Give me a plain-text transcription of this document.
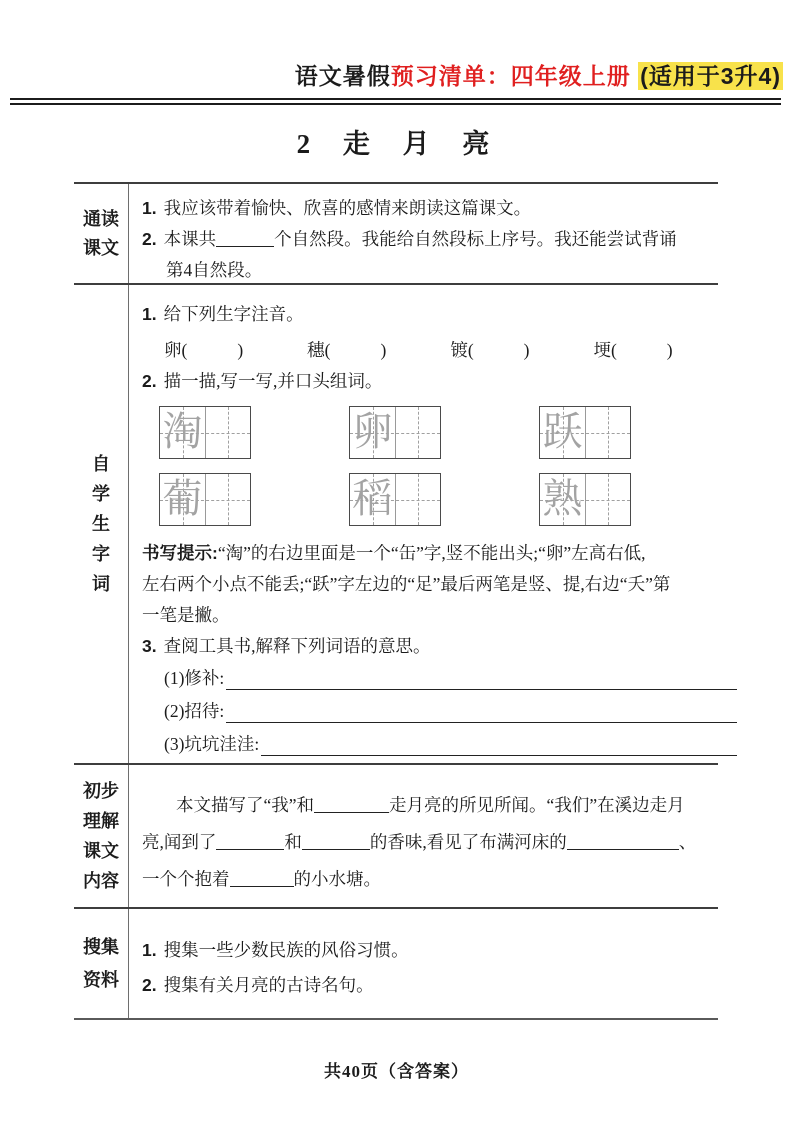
语文暑假预习清单：四年级上册 (适用于3升4)
2 走 月 亮
通读
课文
1. 我应该带着愉快、欣喜的感情来朗读这篇课文。
2. 本课共	个自然段。我能给自然段标上序号。我还能尝试背诵
第4自然段。
自
学
生
字
词
1. 给下列生字注音。
卵(	)	穗(	)	镀(	)	埂(	)
2. 描一描,写一写,并口头组词。
淘	卵	跃
葡	稻	熟
书写提示:“淘”的右边里面是一个“缶”字,竖不能出头;“卵”左高右低,
左右两个小点不能丢;“跃”字左边的“足”最后两笔是竖、提,右边“夭”第
一笔是撇。
3. 查阅工具书,解释下列词语的意思。
(1)修补:
(2)招待:
(3)坑坑洼洼:
初步
理解
课文
内容
本文描写了“我”和	走月亮的所见所闻。“我们”在溪边走月
亮,闻到了	和	的香味,看见了布满河床的	、
一个个抱着	的小水塘。
搜集
资料
1. 搜集一些少数民族的风俗习惯。
2. 搜集有关月亮的古诗名句。
共40页（含答案）
